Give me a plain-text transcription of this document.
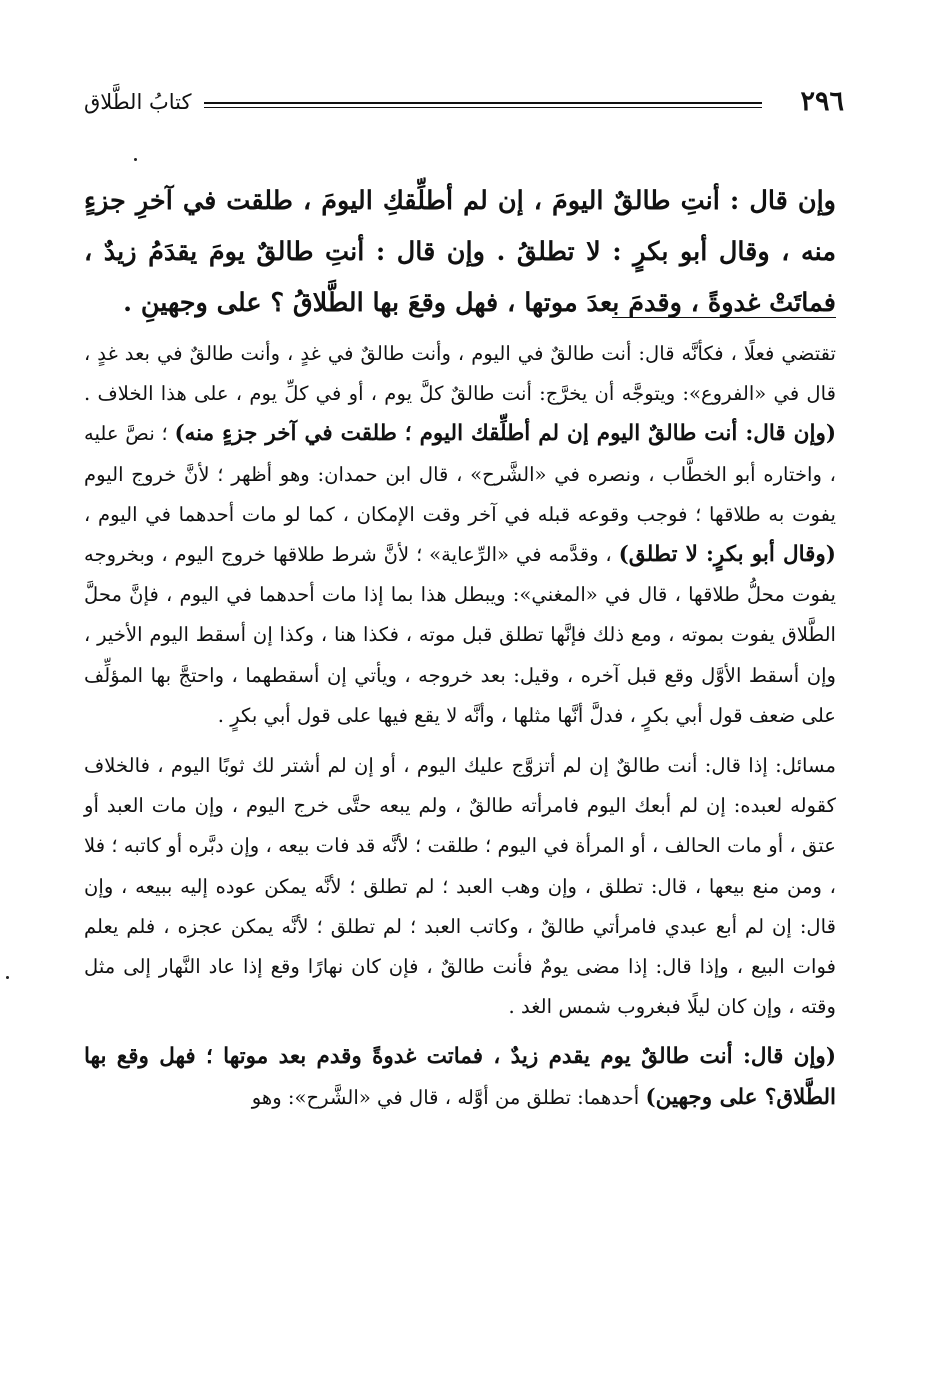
٢٩٦
كتابُ الطَّلاق

وإن قال : أنتِ طالقٌ اليومَ ، إن لم أطلِّقكِ اليومَ ، طلقت في آخرِ جزءٍ منه ، وقال أبو بكرٍ : لا تطلقُ . وإن قال : أنتِ طالقٌ يومَ يقدَمُ زيدٌ ، فماتَتْ غدوةً ، وقدمَ بعدَ موتها ، فهل وقعَ بها الطَّلاقُ ؟ على وجهينِ .

تقتضي فعلًا ، فكأنَّه قال: أنت طالقٌ في اليوم ، وأنت طالقٌ في غدٍ ، وأنت طالقٌ في بعد غدٍ ، قال في «الفروع»: ويتوجَّه أن يخرَّج: أنت طالقٌ كلَّ يوم ، أو في كلِّ يوم ، على هذا الخلاف . (وإن قال: أنت طالقٌ اليوم إن لم أطلِّقك اليوم ؛ طلقت في آخر جزءٍ منه) ؛ نصَّ عليه ، واختاره أبو الخطَّاب ، ونصره في «الشَّرح» ، قال ابن حمدان: وهو أظهر ؛ لأنَّ خروج اليوم يفوت به طلاقها ؛ فوجب وقوعه قبله في آخر وقت الإمكان ، كما لو مات أحدهما في اليوم ، (وقال أبو بكرٍ: لا تطلق) ، وقدَّمه في «الرِّعاية» ؛ لأنَّ شرط طلاقها خروج اليوم ، وبخروجه يفوت محلُّ طلاقها ، قال في «المغني»: ويبطل هذا بما إذا مات أحدهما في اليوم ، فإنَّ محلَّ الطَّلاق يفوت بموته ، ومع ذلك فإنَّها تطلق قبل موته ، فكذا هنا ، وكذا إن أسقط اليوم الأخير ، وإن أسقط الأوَّل وقع قبل آخره ، وقيل: بعد خروجه ، ويأتي إن أسقطهما ، واحتجَّ بها المؤلِّف على ضعف قول أبي بكرٍ ، فدلَّ أنَّها مثلها ، وأنَّه لا يقع فيها على قول أبي بكرٍ .

مسائل: إذا قال: أنت طالقٌ إن لم أتزوَّج عليك اليوم ، أو إن لم أشتر لك ثوبًا اليوم ، فالخلاف كقوله لعبده: إن لم أبعك اليوم فامرأته طالقٌ ، ولم يبعه حتَّى خرج اليوم ، وإن مات العبد أو عتق ، أو مات الحالف ، أو المرأة في اليوم ؛ طلقت ؛ لأنَّه قد فات بيعه ، وإن دبَّره أو كاتبه ؛ فلا ، ومن منع بيعها ، قال: تطلق ، وإن وهب العبد ؛ لم تطلق ؛ لأنَّه يمكن عوده إليه ببيعه ، وإن قال: إن لم أبع عبدي فامرأتي طالقٌ ، وكاتب العبد ؛ لم تطلق ؛ لأنَّه يمكن عجزه ، فلم يعلم فوات البيع ، وإذا قال: إذا مضى يومٌ فأنت طالقٌ ، فإن كان نهارًا وقع إذا عاد النَّهار إلى مثل وقته ، وإن كان ليلًا فبغروب شمس الغد .

(وإن قال: أنت طالقٌ يوم يقدم زيدٌ ، فماتت غدوةً وقدم بعد موتها ؛ فهل وقع بها الطَّلاق؟ على وجهين) أحدهما: تطلق من أوَّله ، قال في «الشَّرح»: وهو
